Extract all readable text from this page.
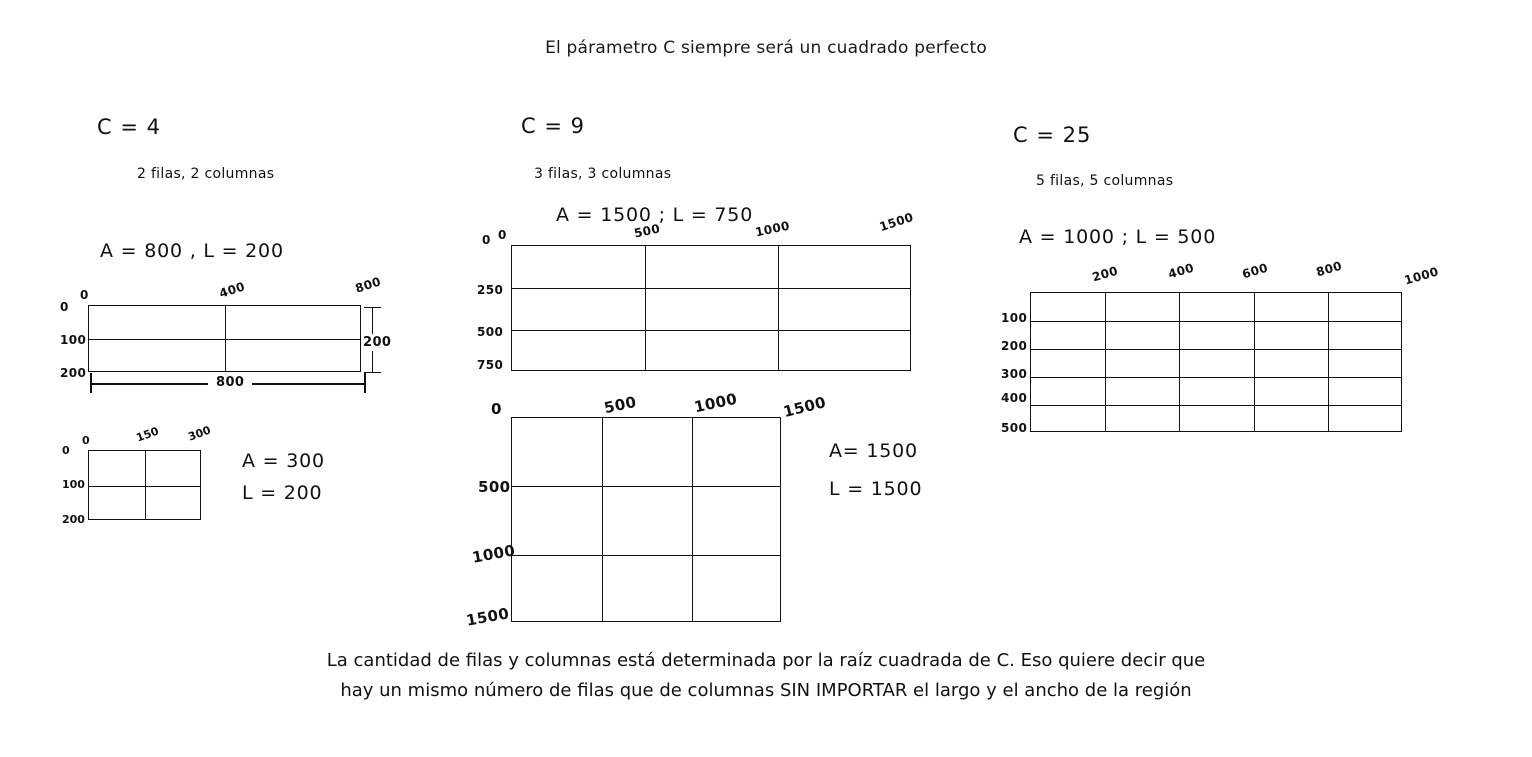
El párametro C siempre será un cuadrado perfecto
C = 4
2 filas, 2 columnas
A = 800 , L = 200
0	400	800
0
100
200
800
200
0	150 300
0
100
200
A = 300
L = 200
C = 9
3 filas, 3 columnas
A = 1500 ; L = 750
0	500	1000	1500
0
250
500
750
0	500	1000	1500
500
1000
1500
A= 1500
L = 1500
C = 25
5 filas, 5 columnas
A = 1000 ; L = 500
200	400	600	800	1000
100
200
300
400
500
La cantidad de filas y columnas está determinada por la raíz cuadrada de C. Eso quiere decir que
hay un mismo número de filas que de columnas SIN IMPORTAR el largo y el ancho de la región
